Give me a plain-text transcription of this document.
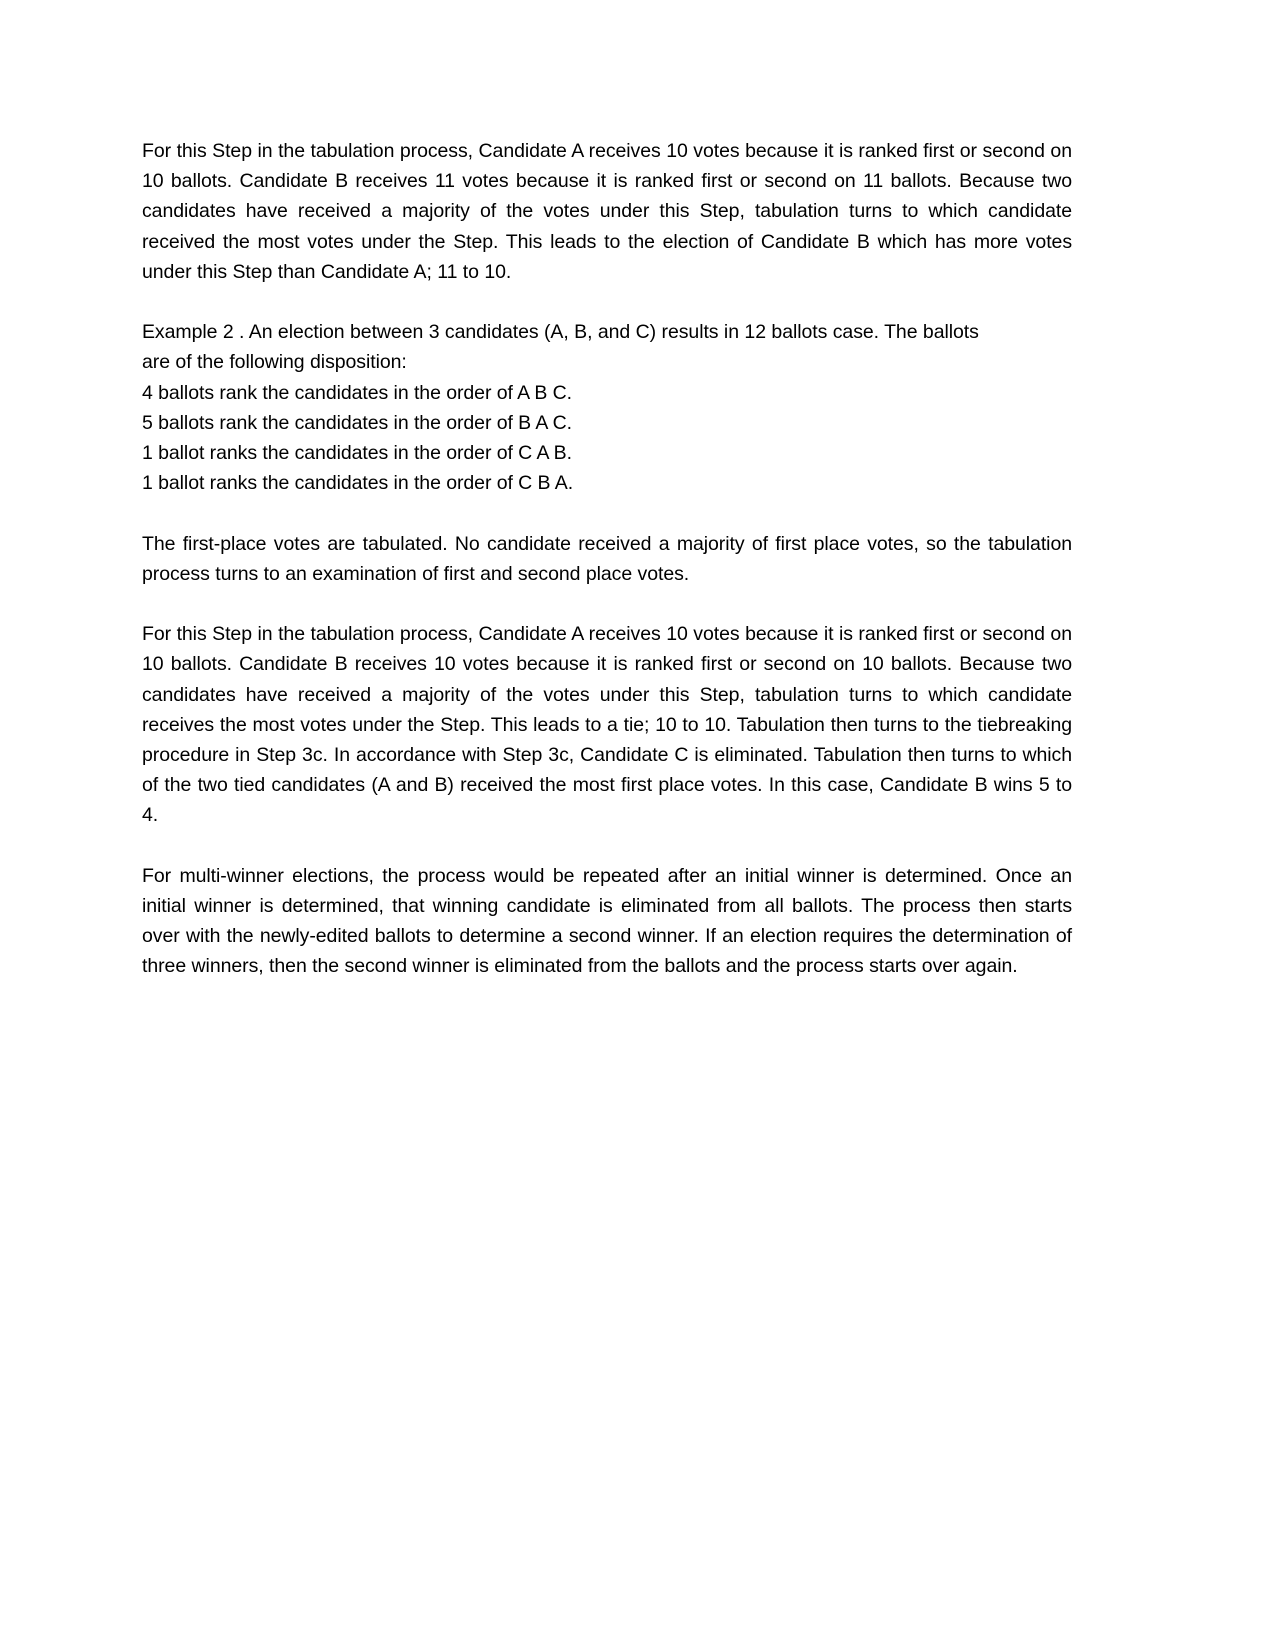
For this Step in the tabulation process, Candidate A receives 10 votes because it is ranked first or second on 10 ballots. Candidate B receives 11 votes because it is ranked first or second on 11 ballots. Because two candidates have received a majority of the votes under this Step, tabulation turns to which candidate received the most votes under the Step. This leads to the election of Candidate B which has more votes under this Step than Candidate A; 11 to 10.

Example 2 . An election between 3 candidates (A, B, and C) results in 12 ballots case. The ballots

are of the following disposition:

4 ballots rank the candidates in the order of A B C.

5 ballots rank the candidates in the order of B A C.

1 ballot ranks the candidates in the order of C A B.

1 ballot ranks the candidates in the order of C B A.

The first-place votes are tabulated. No candidate received a majority of first place votes, so the tabulation process turns to an examination of first and second place votes.

For this Step in the tabulation process, Candidate A receives 10 votes because it is ranked first or second on 10 ballots. Candidate B receives 10 votes because it is ranked first or second on 10 ballots. Because two candidates have received a majority of the votes under this Step, tabulation turns to which candidate receives the most votes under the Step. This leads to a tie; 10 to 10. Tabulation then turns to the tiebreaking procedure in Step 3c. In accordance with Step 3c, Candidate C is eliminated. Tabulation then turns to which of the two tied candidates (A and B) received the most first place votes. In this case, Candidate B wins 5 to 4.

For multi-winner elections, the process would be repeated after an initial winner is determined. Once an initial winner is determined, that winning candidate is eliminated from all ballots. The process then starts over with the newly-edited ballots to determine a second winner. If an election requires the determination of three winners, then the second winner is eliminated from the ballots and the process starts over again.
